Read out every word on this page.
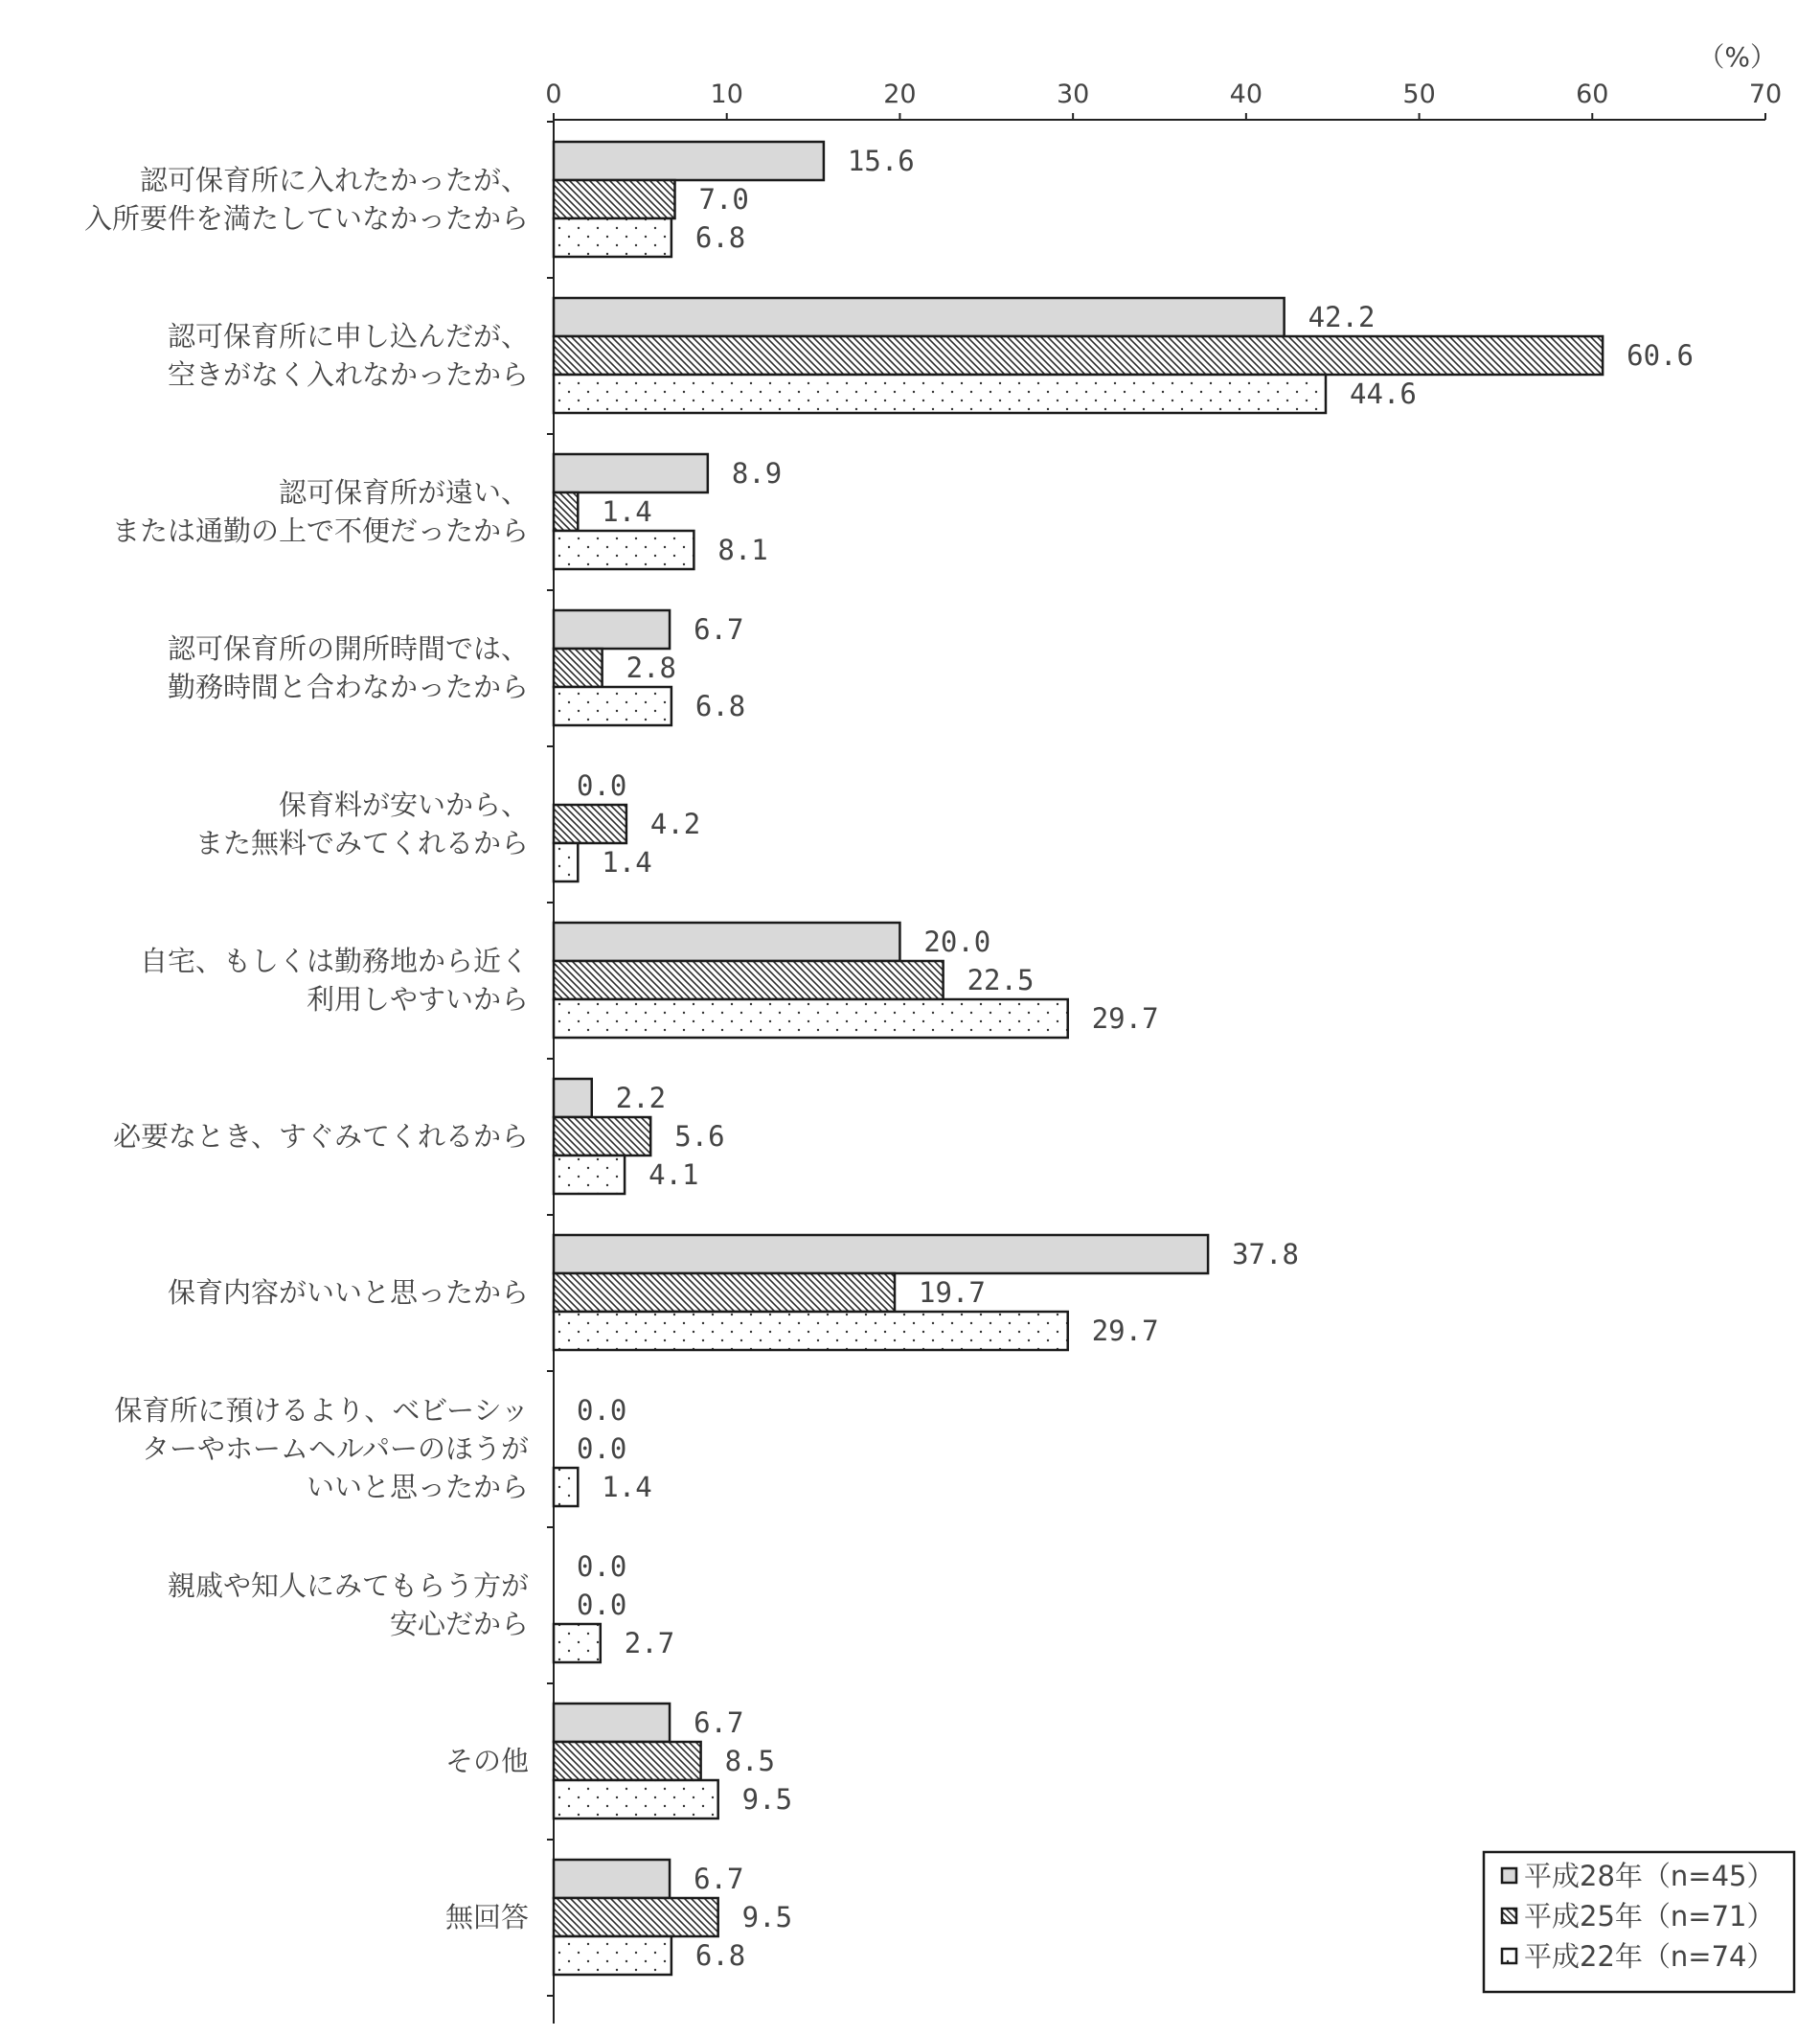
0	10	20	30	40	50	60	70
（%）
15.6
7.0
6.8
42.2
60.6
44.6
8.9
1.4
8.1
6.7
2.8
6.8
0.0
4.2
1.4
20.0
22.5
29.7
2.2
5.6
4.1
37.8
19.7
29.7
0.0
0.0
1.4
0.0
0.0
2.7
6.7
8.5
9.5
6.7
9.5
6.8
認可保育所に入れたかったが、
入所要件を満たしていなかったから
認可保育所に申し込んだが、
空きがなく入れなかったから
認可保育所が遠い、
または通勤の上で不便だったから
認可保育所の開所時間では、
勤務時間と合わなかったから
保育料が安いから、
また無料でみてくれるから
自宅、もしくは勤務地から近く
利用しやすいから
必要なとき、すぐみてくれるから
保育内容がいいと思ったから
保育所に預けるより、ベビーシッ
ターやホームヘルパーのほうが
いいと思ったから
親戚や知人にみてもらう方が
安心だから
その他
無回答
平成28年（n=45）
平成25年（n=71）
平成22年（n=74）
